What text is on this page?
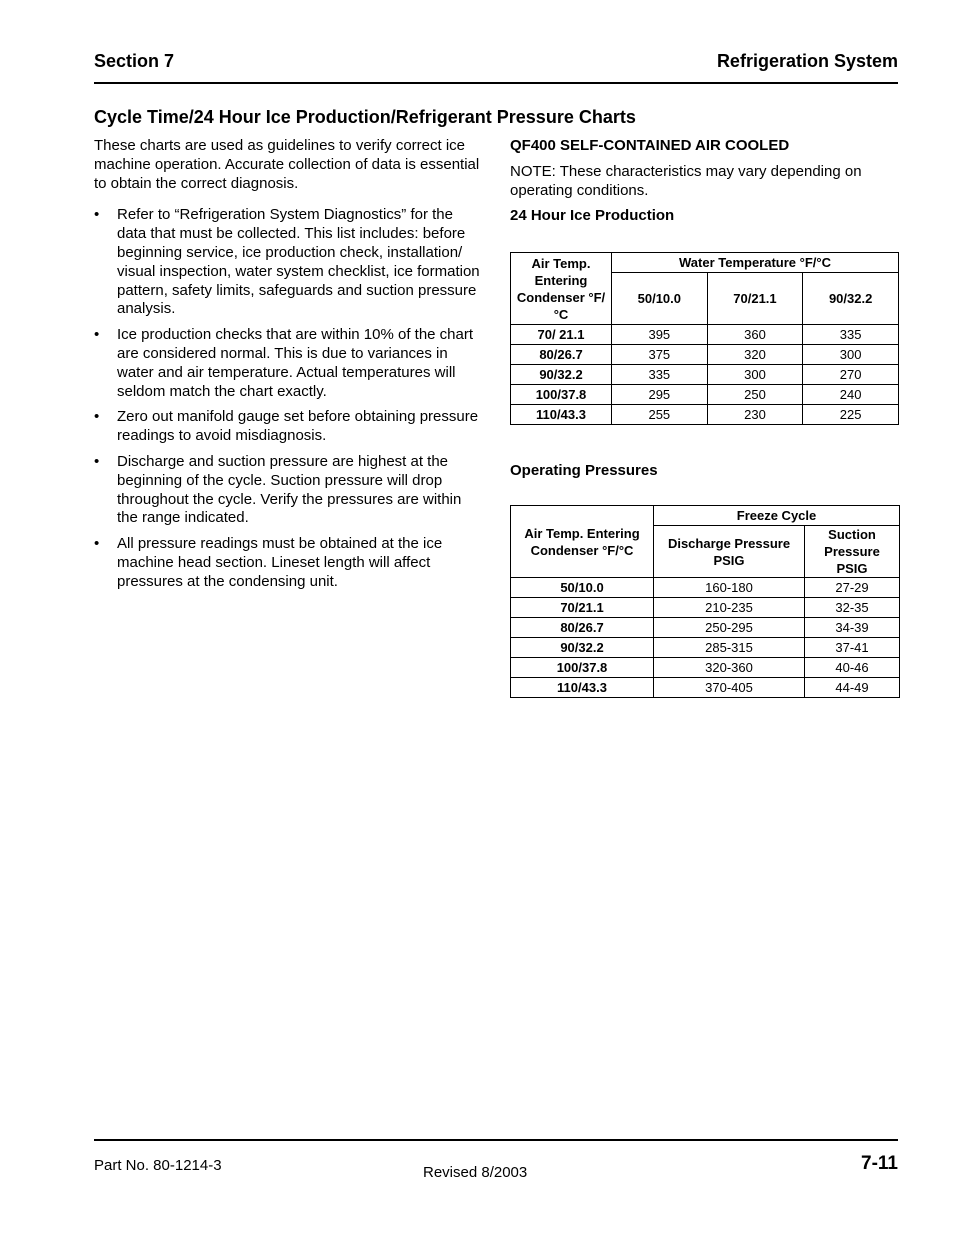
Section 7	Refrigeration System
Cycle Time/24 Hour Ice Production/Refrigerant Pressure Charts

These charts are used as guidelines to verify correct ice machine operation. Accurate collection of data is essential to obtain the correct diagnosis.

• Refer to “Refrigeration System Diagnostics” for the data that must be collected. This list includes: before beginning service, ice production check, installation/ visual inspection, water system checklist, ice formation pattern, safety limits, safeguards and suction pressure analysis.
• Ice production checks that are within 10% of the chart are considered normal. This is due to variances in water and air temperature. Actual temperatures will seldom match the chart exactly.
• Zero out manifold gauge set before obtaining pressure readings to avoid misdiagnosis.
• Discharge and suction pressure are highest at the beginning of the cycle. Suction pressure will drop throughout the cycle. Verify the pressures are within the range indicated.
• All pressure readings must be obtained at the ice machine head section. Lineset length will affect pressures at the condensing unit.
QF400 SELF-CONTAINED AIR COOLED
NOTE: These characteristics may vary depending on operating conditions.
24 Hour Ice Production
Air Temp. Entering Condenser °F/°C	Water Temperature °F/°C		
	50/10.0	70/21.1	90/32.2
70/ 21.1	395	360	335
80/26.7	375	320	300
90/32.2	335	300	270
100/37.8	295	250	240
110/43.3	255	230	225
Operating Pressures
Air Temp. Entering Condenser °F/°C	Freeze Cycle	
	Discharge Pressure PSIG	Suction Pressure PSIG
50/10.0	160-180	27-29
70/21.1	210-235	32-35
80/26.7	250-295	34-39
90/32.2	285-315	37-41
100/37.8	320-360	40-46
110/43.3	370-405	44-49
Part No. 80-1214-3	Revised 8/2003	7-11
